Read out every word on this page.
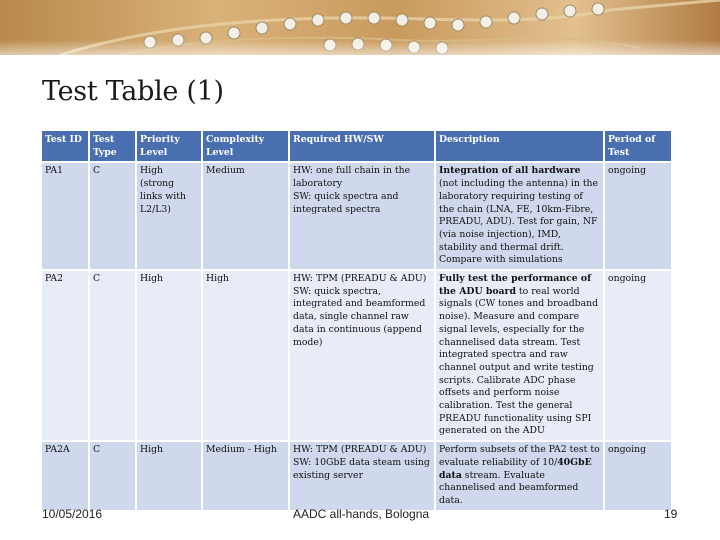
Test Table (1)
Test ID	Test Type	Priority Level	Complexity Level	Required HW/SW	Description	Period of Test
PA1	C	High (strong links with L2/L3)	Medium	HW: one full chain in the laboratory
SW: quick spectra and integrated spectra	Integration of all hardware (not including the antenna) in the laboratory requiring testing of the chain (LNA, FE, 10km-Fibre, PREADU, ADU). Test for gain, NF (via noise injection), IMD, stability and thermal drift. Compare with simulations	ongoing
PA2	C	High	High	HW: TPM (PREADU & ADU)
SW: quick spectra, integrated and beamformed data, single channel raw data in continuous (append mode)	Fully test the performance of the ADU board to real world signals (CW tones and broadband noise). Measure and compare signal levels, especially for the channelised data stream. Test integrated spectra and raw channel output and write testing scripts. Calibrate ADC phase offsets and perform noise calibration. Test the general PREADU functionality using SPI generated on the ADU	ongoing
PA2A	C	High	Medium - High	HW: TPM (PREADU & ADU)
SW: 10GbE data steam using existing server	Perform subsets of the PA2 test to evaluate reliability of 10/40GbE data stream. Evaluate channelised and beamformed data.	ongoing
10/05/2016	AADC all-hands, Bologna	19
